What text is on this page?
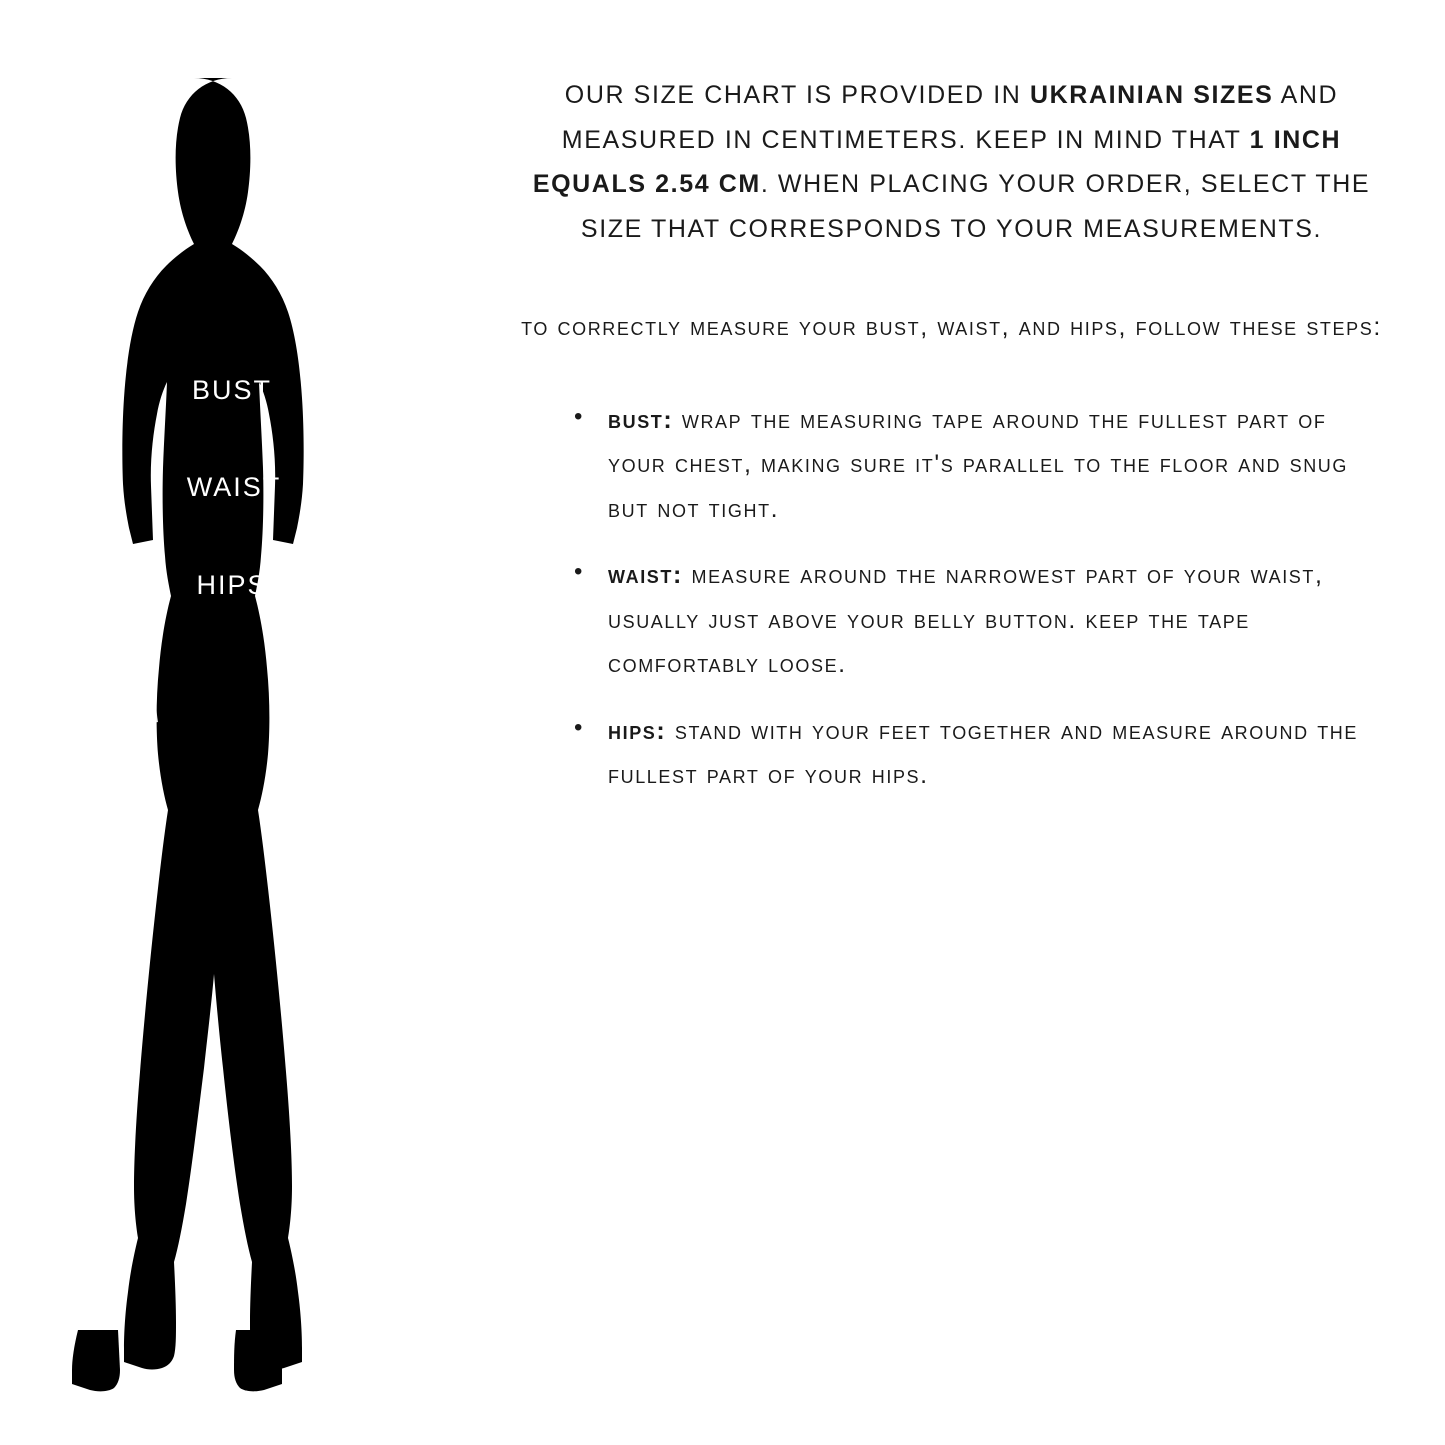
BUST
WAIST
HIPS

OUR SIZE CHART IS PROVIDED IN UKRAINIAN SIZES AND MEASURED IN CENTIMETERS. KEEP IN MIND THAT 1 INCH EQUALS 2.54 CM. WHEN PLACING YOUR ORDER, SELECT THE SIZE THAT CORRESPONDS TO YOUR MEASUREMENTS.

to correctly measure your bust, waist, and hips, follow these steps:

• bust: wrap the measuring tape around the fullest part of your chest, making sure it's parallel to the floor and snug but not tight.
• waist: measure around the narrowest part of your waist, usually just above your belly button. keep the tape comfortably loose.
• hips: stand with your feet together and measure around the fullest part of your hips.
